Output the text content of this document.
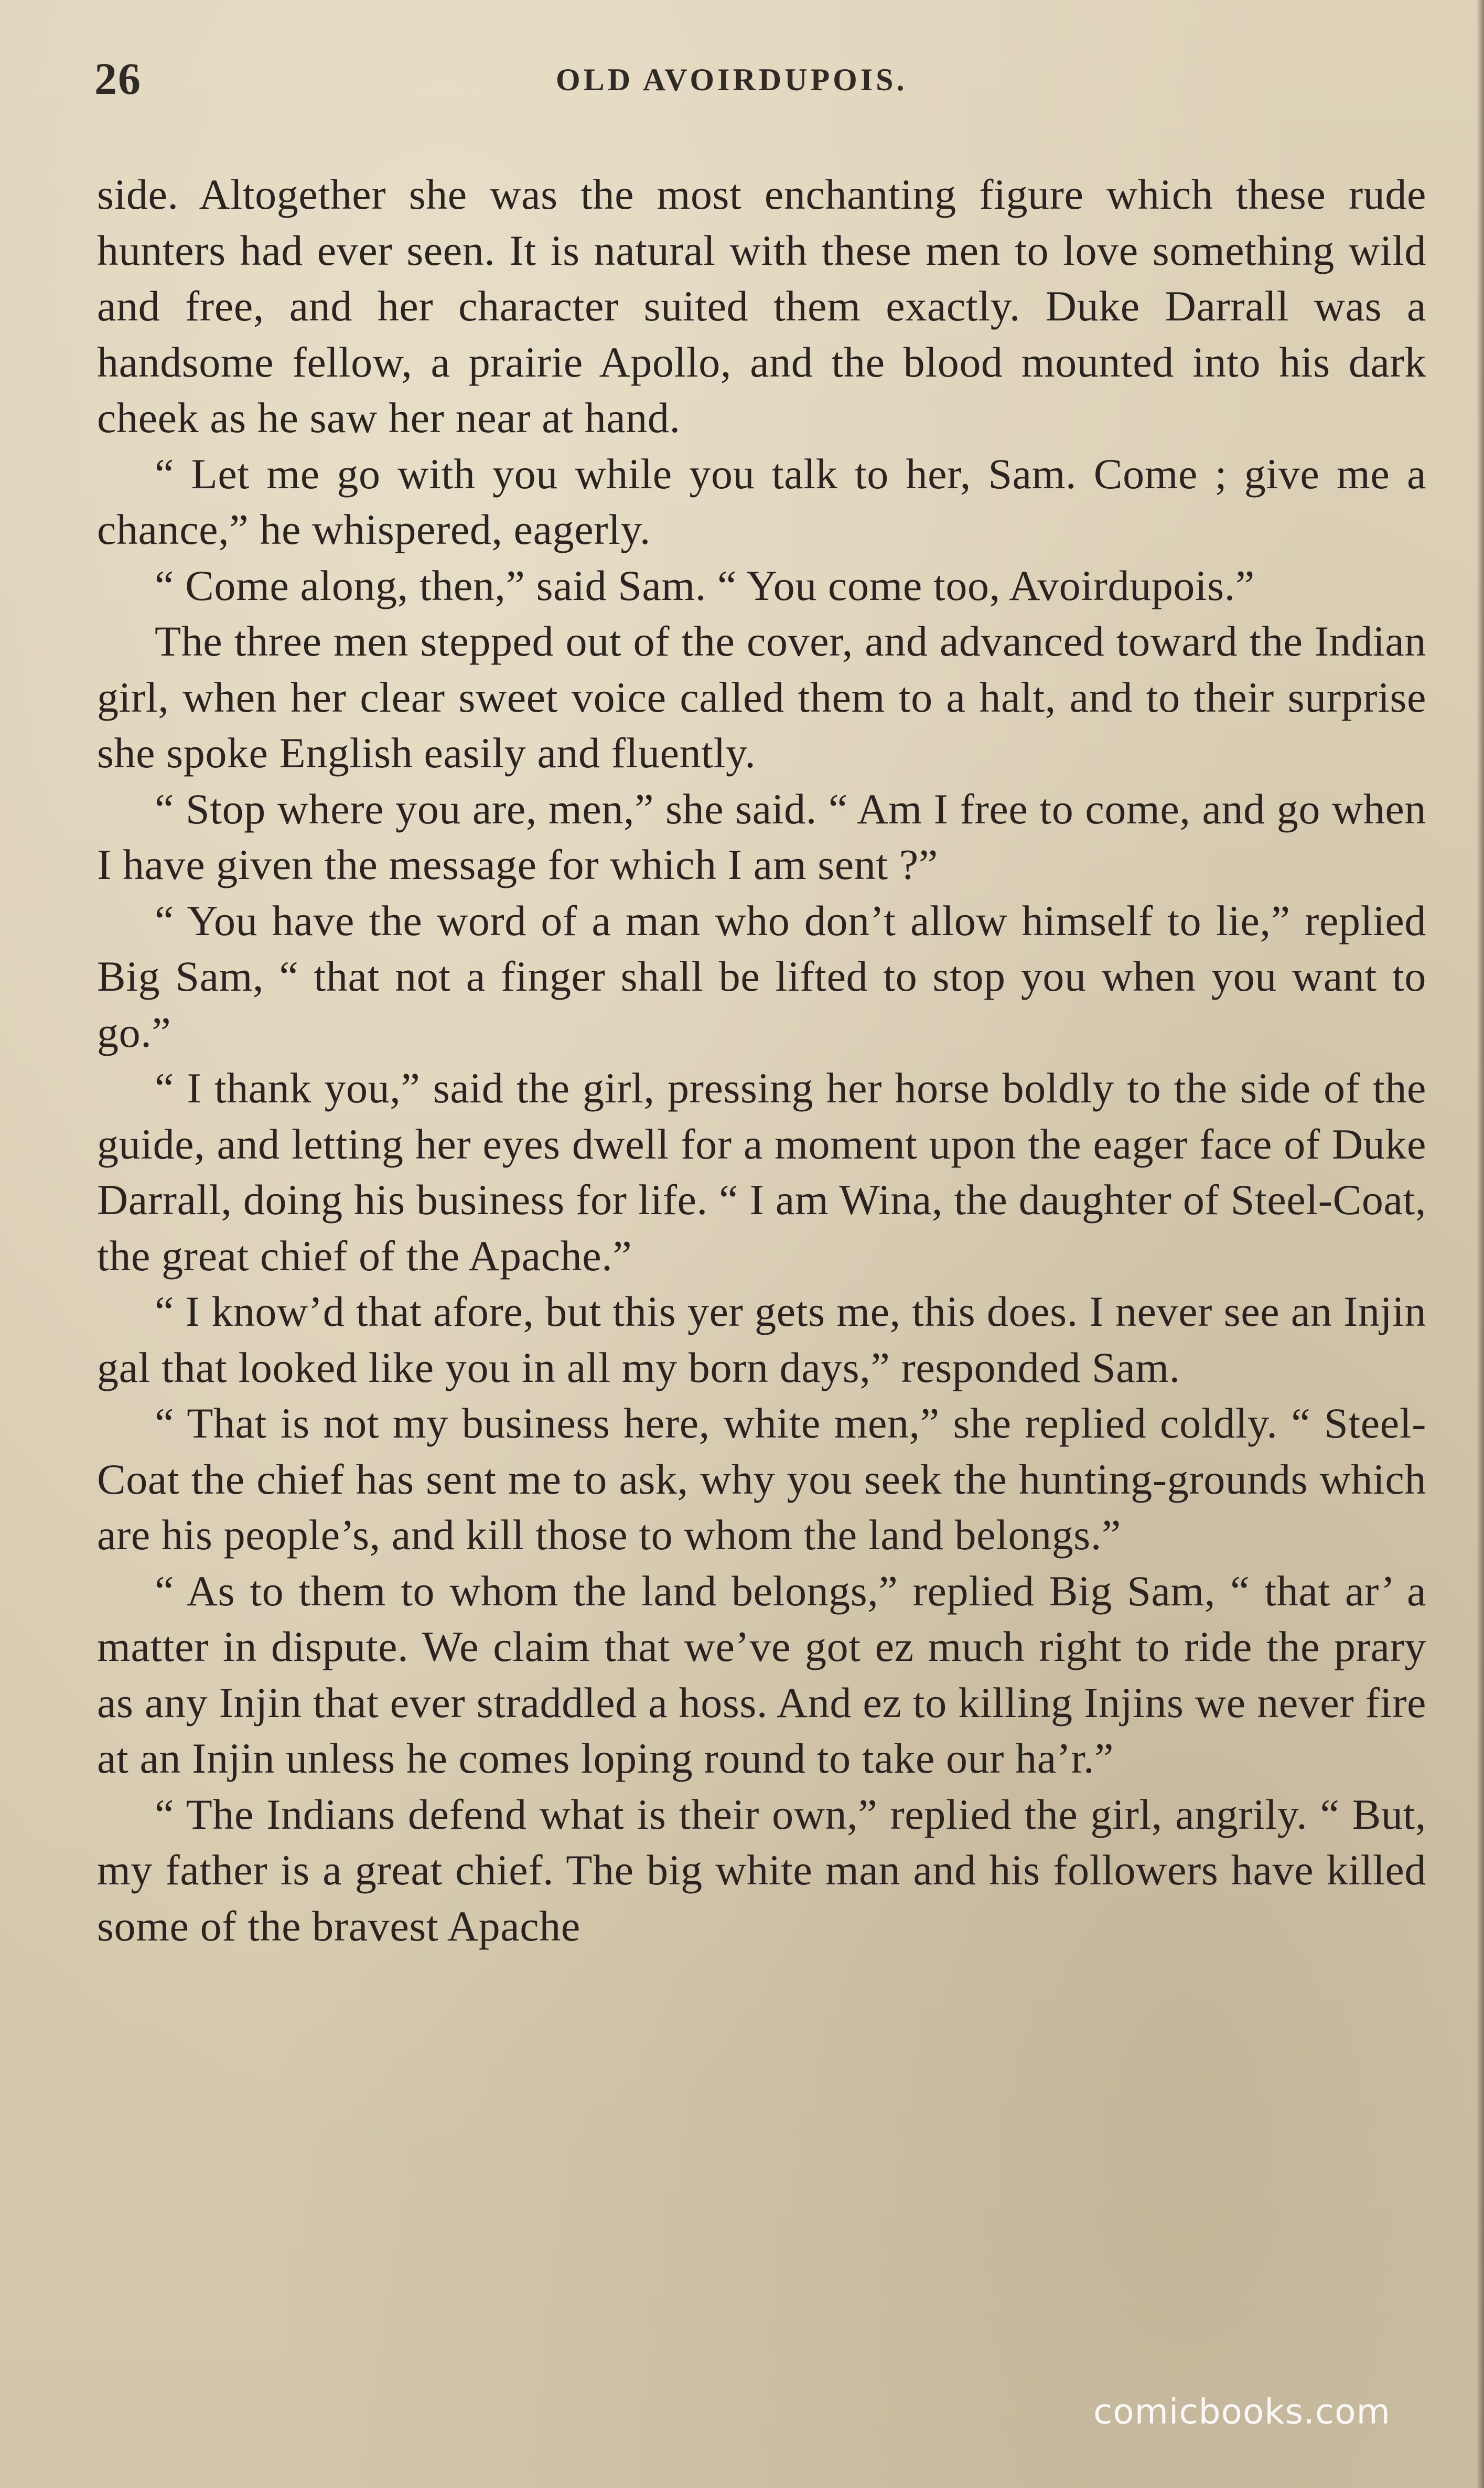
26	OLD AVOIRDUPOIS.

side. Altogether she was the most enchanting figure which these rude hunters had ever seen. It is natural with these men to love something wild and free, and her character suited them exactly. Duke Darrall was a handsome fellow, a prairie Apollo, and the blood mounted into his dark cheek as he saw her near at hand.

“ Let me go with you while you talk to her, Sam. Come ; give me a chance,” he whispered, eagerly.

“ Come along, then,” said Sam. “ You come too, Avoirdupois.”

The three men stepped out of the cover, and advanced toward the Indian girl, when her clear sweet voice called them to a halt, and to their surprise she spoke English easily and fluently.

“ Stop where you are, men,” she said. “ Am I free to come, and go when I have given the message for which I am sent ?”

“ You have the word of a man who don’t allow himself to lie,” replied Big Sam, “ that not a finger shall be lifted to stop you when you want to go.”

“ I thank you,” said the girl, pressing her horse boldly to the side of the guide, and letting her eyes dwell for a moment upon the eager face of Duke Darrall, doing his business for life. “ I am Wina, the daughter of Steel-Coat, the great chief of the Apache.”

“ I know’d that afore, but this yer gets me, this does. I never see an Injin gal that looked like you in all my born days,” responded Sam.

“ That is not my business here, white men,” she replied coldly. “ Steel-Coat the chief has sent me to ask, why you seek the hunting-grounds which are his people’s, and kill those to whom the land belongs.”

“ As to them to whom the land belongs,” replied Big Sam, “ that ar’ a matter in dispute. We claim that we’ve got ez much right to ride the prary as any Injin that ever straddled a hoss. And ez to killing Injins we never fire at an Injin unless he comes loping round to take our ha’r.”

“ The Indians defend what is their own,” replied the girl, angrily. “ But, my father is a great chief. The big white man and his followers have killed some of the bravest Apache

comicbooks.com
